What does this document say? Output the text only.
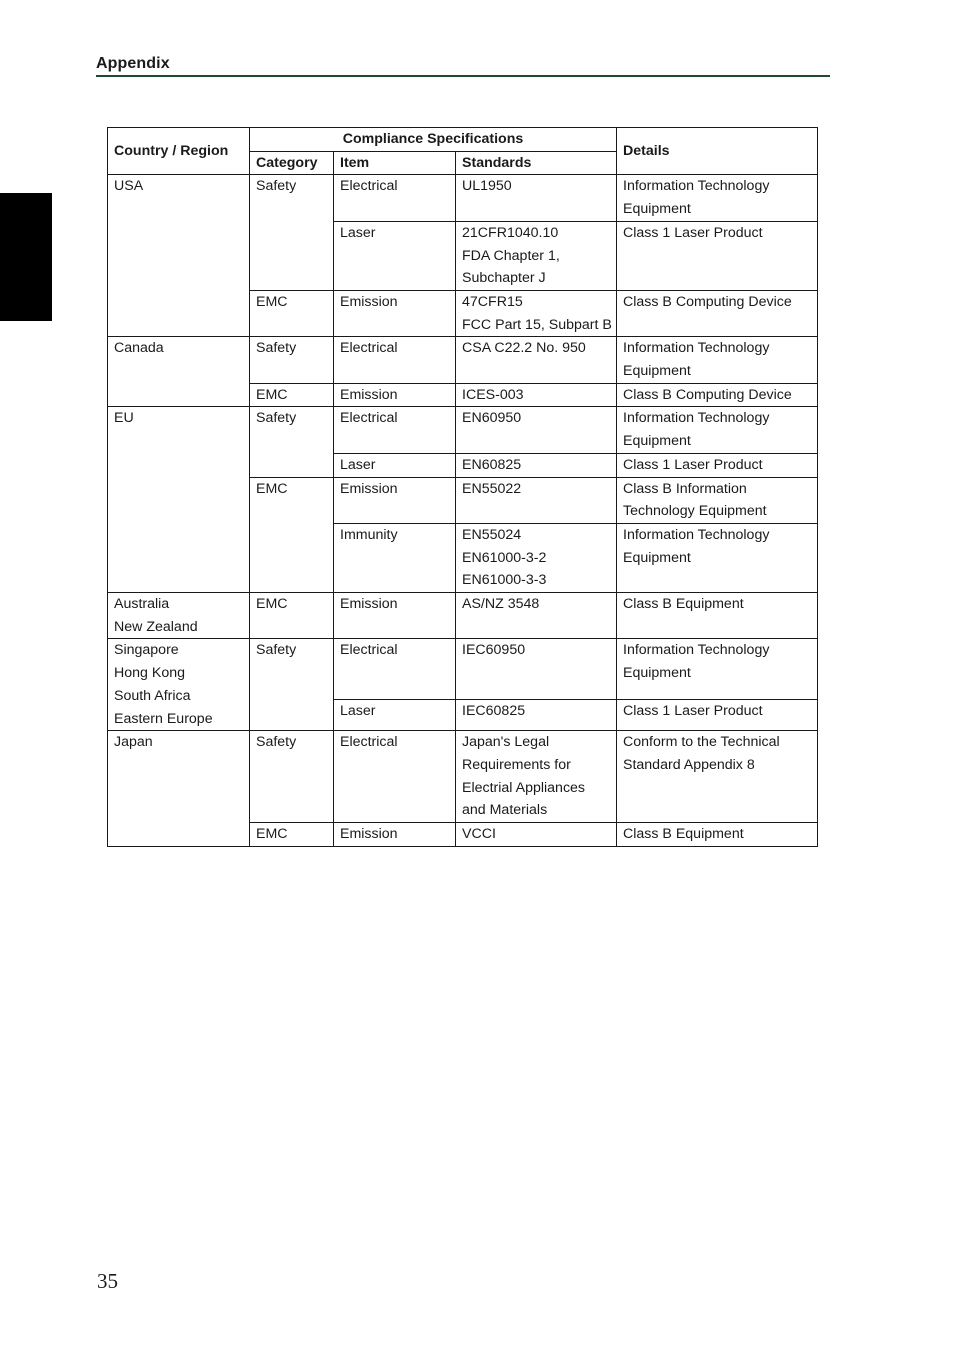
Appendix
Country / Region	Compliance Specifications			Details
	Category	Item	Standards	

USA	Safety	Electrical	UL1950	Information Technology
Equipment

		Laser	21CFR1040.10
FDA Chapter 1,
Subchapter J	Class 1 Laser Product

	EMC	Emission	47CFR15
FCC Part 15, Subpart B	Class B Computing Device

Canada	Safety	Electrical	CSA C22.2 No. 950	Information Technology
Equipment

	EMC	Emission	ICES-003	Class B Computing Device

EU	Safety	Electrical	EN60950	Information Technology
Equipment

		Laser	EN60825	Class 1 Laser Product

	EMC	Emission	EN55022	Class B Information
Technology Equipment

		Immunity	EN55024
EN61000-3-2
EN61000-3-3	Information Technology
Equipment

Australia
New Zealand	EMC	Emission	AS/NZ 3548	Class B Equipment

Singapore
Hong Kong
South Africa
Eastern Europe	Safety	Electrical	IEC60950	Information Technology
Equipment

		Laser	IEC60825	Class 1 Laser Product

Japan	Safety	Electrical	Japan's Legal
Requirements for
Electrial Appliances
and Materials	Conform to the Technical
Standard Appendix 8

	EMC	Emission	VCCI	Class B Equipment
35
